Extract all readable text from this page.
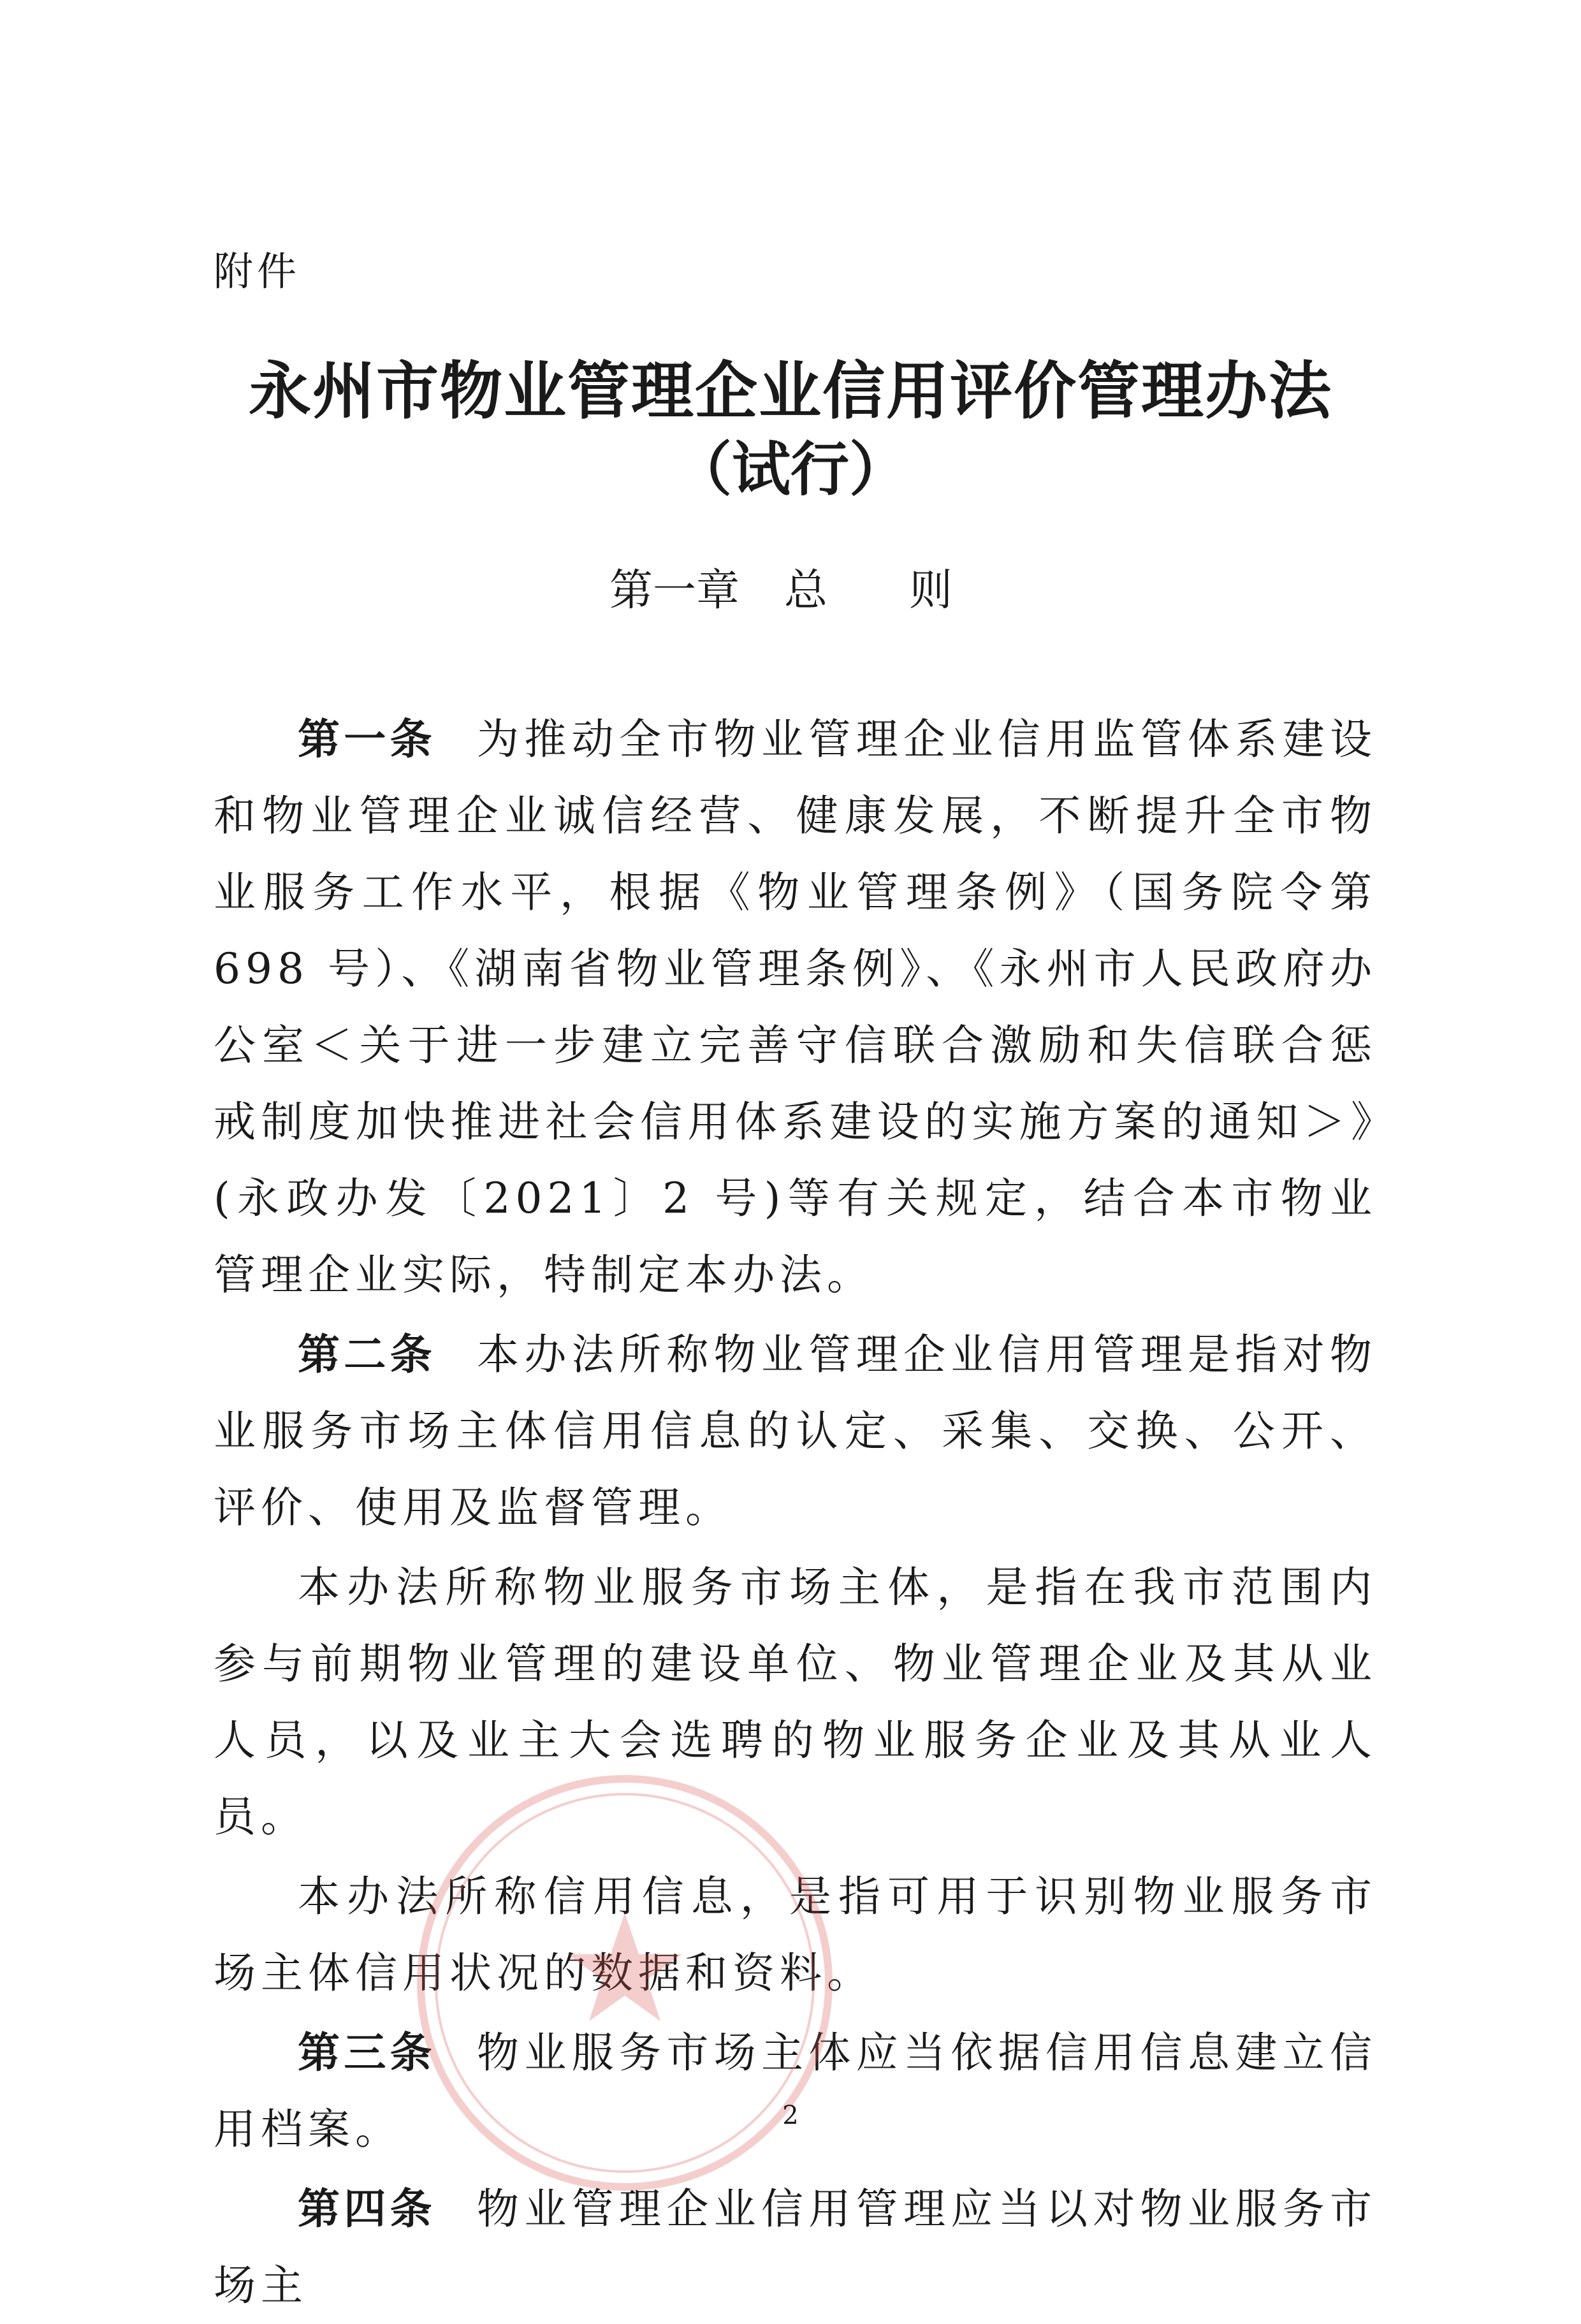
附件
永州市物业管理企业信用评价管理办法
（试行）
第一章 总　则

第一条 为推动全市物业管理企业信用监管体系建设和物业管理企业诚信经营、健康发展，不断提升全市物业服务工作水平，根据《物业管理条例》（国务院令第 698 号）、《湖南省物业管理条例》、《永州市人民政府办公室＜关于进一步建立完善守信联合激励和失信联合惩戒制度加快推进社会信用体系建设的实施方案的通知＞》(永政办发〔2021〕2 号)等有关规定，结合本市物业管理企业实际，特制定本办法。

第二条 本办法所称物业管理企业信用管理是指对物业服务市场主体信用信息的认定、采集、交换、公开、评价、使用及监督管理。

本办法所称物业服务市场主体，是指在我市范围内参与前期物业管理的建设单位、物业管理企业及其从业人员，以及业主大会选聘的物业服务企业及其从业人员。

本办法所称信用信息，是指可用于识别物业服务市场主体信用状况的数据和资料。

第三条 物业服务市场主体应当依据信用信息建立信用档案。

第四条 物业管理企业信用管理应当以对物业服务市场主

2
